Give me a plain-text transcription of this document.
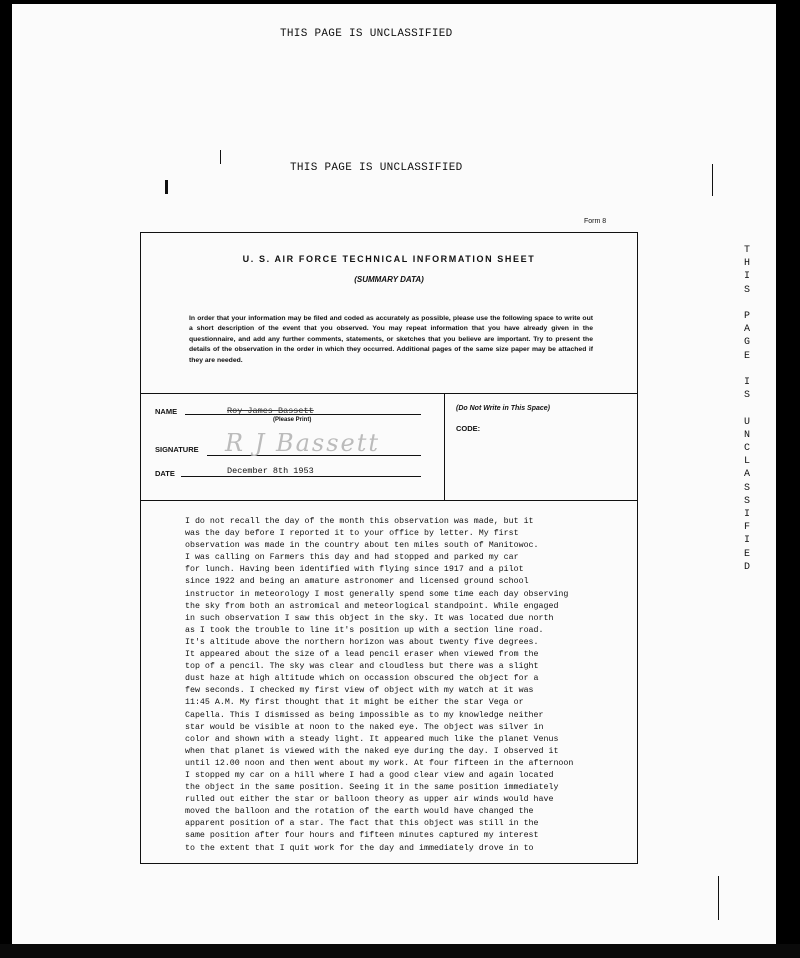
THIS PAGE IS UNCLASSIFIED
THIS PAGE IS UNCLASSIFIED
Form 8
T
H
I
S

P
A
G
E

I
S

U
N
C
L
A
S
S
I
F
I
E
D
U. S. AIR FORCE TECHNICAL INFORMATION SHEET
(SUMMARY DATA)
In order that your information may be filed and coded as accurately as possible, please use the following space to write out a short description of the event that you observed. You may repeat information that you have already given in the questionnaire, and add any further comments, statements, or sketches that you believe are important. Try to present the details of the observation in the order in which they occurred. Additional pages of the same size paper may be attached if they are needed.
NAME	Roy James Bassett
(Please Print)
SIGNATURE R J Bassett
DATE	December 8th 1953
(Do Not Write in This Space)
CODE:
I do not recall the day of the month this observation was made, but it
was the day before I reported it to your office by letter. My first
observation was made in the country about ten miles south of Manitowoc.
I was calling on Farmers this day and had stopped and parked my car
for lunch. Having been identified with flying since 1917 and a pilot
since 1922 and being an amature astronomer and licensed ground school
instructor in meteorology I most generally spend some time each day observing
the sky from both an astromical and meteorlogical standpoint. While engaged
in such observation I saw this object in the sky. It was located due north
as I took the trouble to line it's position up with a section line road.
It's altitude above the northern horizon was about twenty five degrees.
It appeared about the size of a lead pencil eraser when viewed from the
top of a pencil. The sky was clear and cloudless but there was a slight
dust haze at high altitude which on occassion obscured the object for a
few seconds. I checked my first view of object with my watch at it was
11:45 A.M. My first thought that it might be either the star Vega or
Capella. This I dismissed as being impossible as to my knowledge neither
star would be visible at noon to the naked eye. The object was silver in
color and shown with a steady light. It appeared much like the planet Venus
when that planet is viewed with the naked eye during the day. I observed it
until 12.00 noon and then went about my work. At four fifteen in the afternoon
I stopped my car on a hill where I had a good clear view and again located
the object in the same position. Seeing it in the same position immediately
rulled out either the star or balloon theory as upper air winds would have
moved the balloon and the rotation of the earth would have changed the
apparent position of a star. The fact that this object was still in the
same position after four hours and fifteen minutes captured my interest
to the extent that I quit work for the day and immediately drove in to
